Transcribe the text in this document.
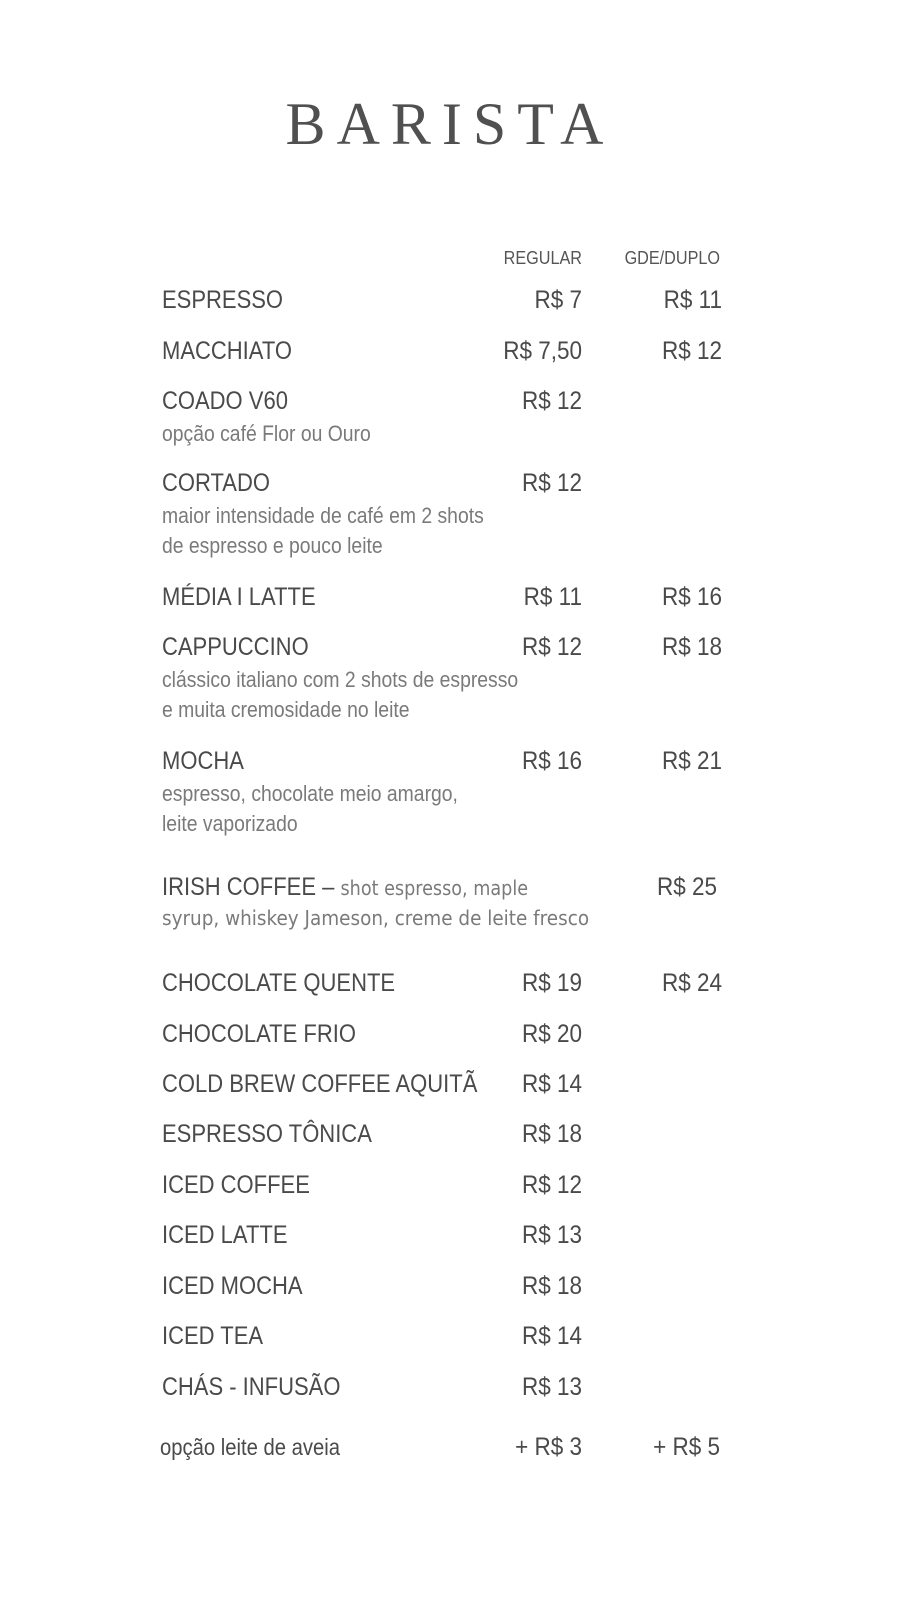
BARISTA
REGULAR	GDE/DUPLO
ESPRESSO	R$ 7	R$ 11
MACCHIATO	R$ 7,50	R$ 12
COADO V60	R$ 12
opção café Flor ou Ouro
CORTADO	R$ 12
maior intensidade de café em 2 shots
de espresso e pouco leite
MÉDIA I LATTE	R$ 11	R$ 16
CAPPUCCINO	R$ 12	R$ 18
clássico italiano com 2 shots de espresso
e muita cremosidade no leite
MOCHA	R$ 16	R$ 21
espresso, chocolate meio amargo,
leite vaporizado
IRISH COFFEE – shot espresso, maple	R$ 25
syrup, whiskey Jameson, creme de leite fresco
CHOCOLATE QUENTE	R$ 19	R$ 24
CHOCOLATE FRIO	R$ 20
COLD BREW COFFEE AQUITÃ	R$ 14
ESPRESSO TÔNICA	R$ 18
ICED COFFEE	R$ 12
ICED LATTE	R$ 13
ICED MOCHA	R$ 18
ICED TEA	R$ 14
CHÁS - INFUSÃO	R$ 13
opção leite de aveia	+ R$ 3	+ R$ 5
